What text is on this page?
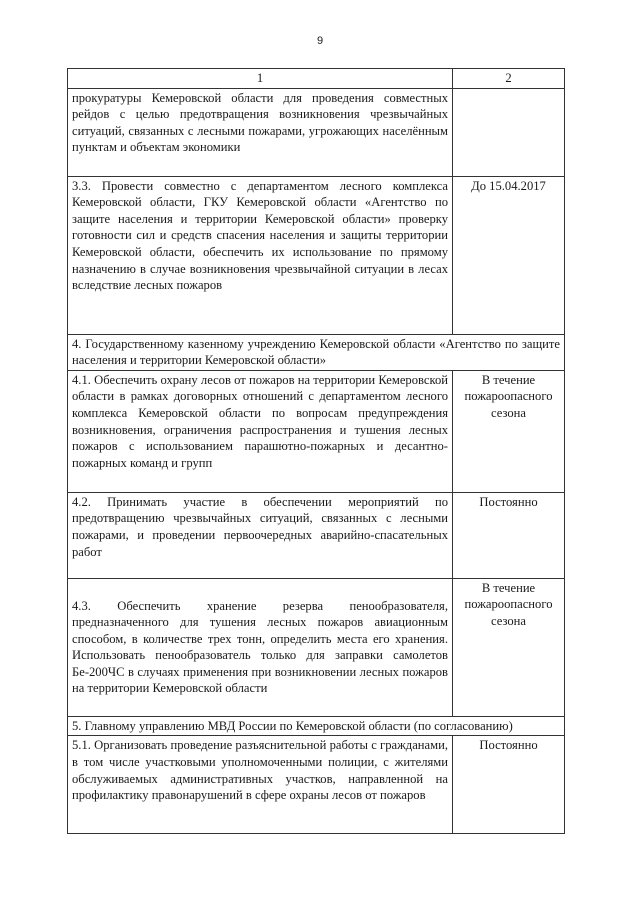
9
1	2
прокуратуры Кемеровской области для проведения совместных рейдов с целью предотвращения возникновения чрезвычайных ситуаций, связанных с лесными пожарами, угрожающих населённым пунктам и объектам экономики	
3.3. Провести совместно с департаментом лесного комплекса Кемеровской области, ГКУ Кемеровской области «Агентство по защите населения и территории Кемеровской области» проверку готовности сил и средств спасения населения и защиты территории Кемеровской области, обеспечить их использование по прямому назначению в случае возникновения чрезвычайной ситуации в лесах вследствие лесных пожаров	До 15.04.2017
4. Государственному казенному учреждению Кемеровской области «Агентство по защите населения и территории Кемеровской области»	
4.1. Обеспечить охрану лесов от пожаров на территории Кемеровской области в рамках договорных отношений с департаментом лесного комплекса Кемеровской области по вопросам предупреждения возникновения, ограничения распространения и тушения лесных пожаров с использованием парашютно-пожарных и десантно-пожарных команд и групп	В течение пожароопасного сезона
4.2. Принимать участие в обеспечении мероприятий по предотвращению чрезвычайных ситуаций, связанных с лесными пожарами, и проведении первоочередных аварийно-спасательных работ	Постоянно
4.3. Обеспечить хранение резерва пенообразователя, предназначенного для тушения лесных пожаров авиационным способом, в количестве трех тонн, определить места его хранения. Использовать пенообразователь только для заправки самолетов Бе-200ЧС в случаях применения при возникновении лесных пожаров на территории Кемеровской области	В течение пожароопасного сезона
5. Главному управлению МВД России по Кемеровской области (по согласованию)	
5.1. Организовать проведение разъяснительной работы с гражданами, в том числе участковыми уполномоченными полиции, с жителями обслуживаемых административных участков, направленной на профилактику правонарушений в сфере охраны лесов от пожаров	Постоянно
